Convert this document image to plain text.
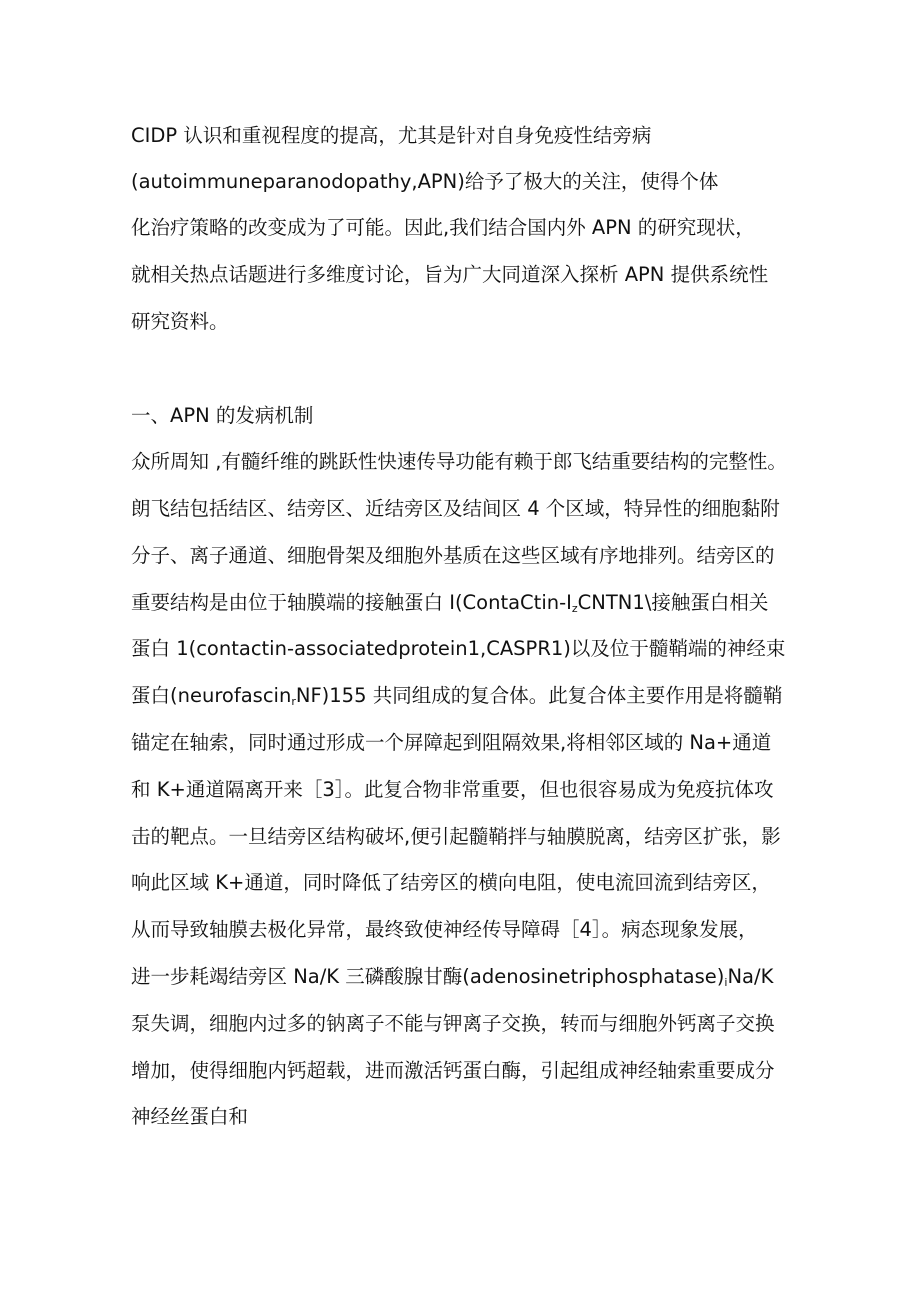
CIDP 认识和重视程度的提高，尤其是针对自身免疫性结旁病
(autoimmuneparanodopathy,APN)给予了极大的关注，使得个体
化治疗策略的改变成为了可能。因此,我们结合国内外 APN 的研究现状，
就相关热点话题进行多维度讨论，旨为广大同道深入探析 APN 提供系统性
研究资料。
一、APN 的发病机制
众所周知 ,有髓纤维的跳跃性快速传导功能有赖于郎飞结重要结构的完整性。
朗飞结包括结区、结旁区、近结旁区及结间区 4 个区域，特异性的细胞黏附
分子、离子通道、细胞骨架及细胞外基质在这些区域有序地排列。结旁区的
重要结构是由位于轴膜端的接触蛋白 $I(ContaCtin-I_zCNTN1\backslash$接触蛋白相关
蛋白 1(contactin-associatedprotein1,CASPR1)以及位于髓鞘端的神经束
蛋白(neurofascin$_r$NF)155 共同组成的复合体。此复合体主要作用是将髓鞘
锚定在轴索，同时通过形成一个屏障起到阻隔效果,将相邻区域的 Na+通道
和 K+通道隔离开来［3］。此复合物非常重要，但也很容易成为免疫抗体攻
击的靶点。一旦结旁区结构破坏,便引起髓鞘拌与轴膜脱离，结旁区扩张，影
响此区域 K+通道，同时降低了结旁区的横向电阻，使电流回流到结旁区，
从而导致轴膜去极化异常，最终致使神经传导障碍［4］。病态现象发展，
进一步耗竭结旁区 Na/K 三磷酸腺甘酶$(adenosinetriphosphatase)_iNa/K$
泵失调，细胞内过多的钠离子不能与钾离子交换，转而与细胞外钙离子交换
增加，使得细胞内钙超载，进而激活钙蛋白酶，引起组成神经轴索重要成分
神经丝蛋白和
